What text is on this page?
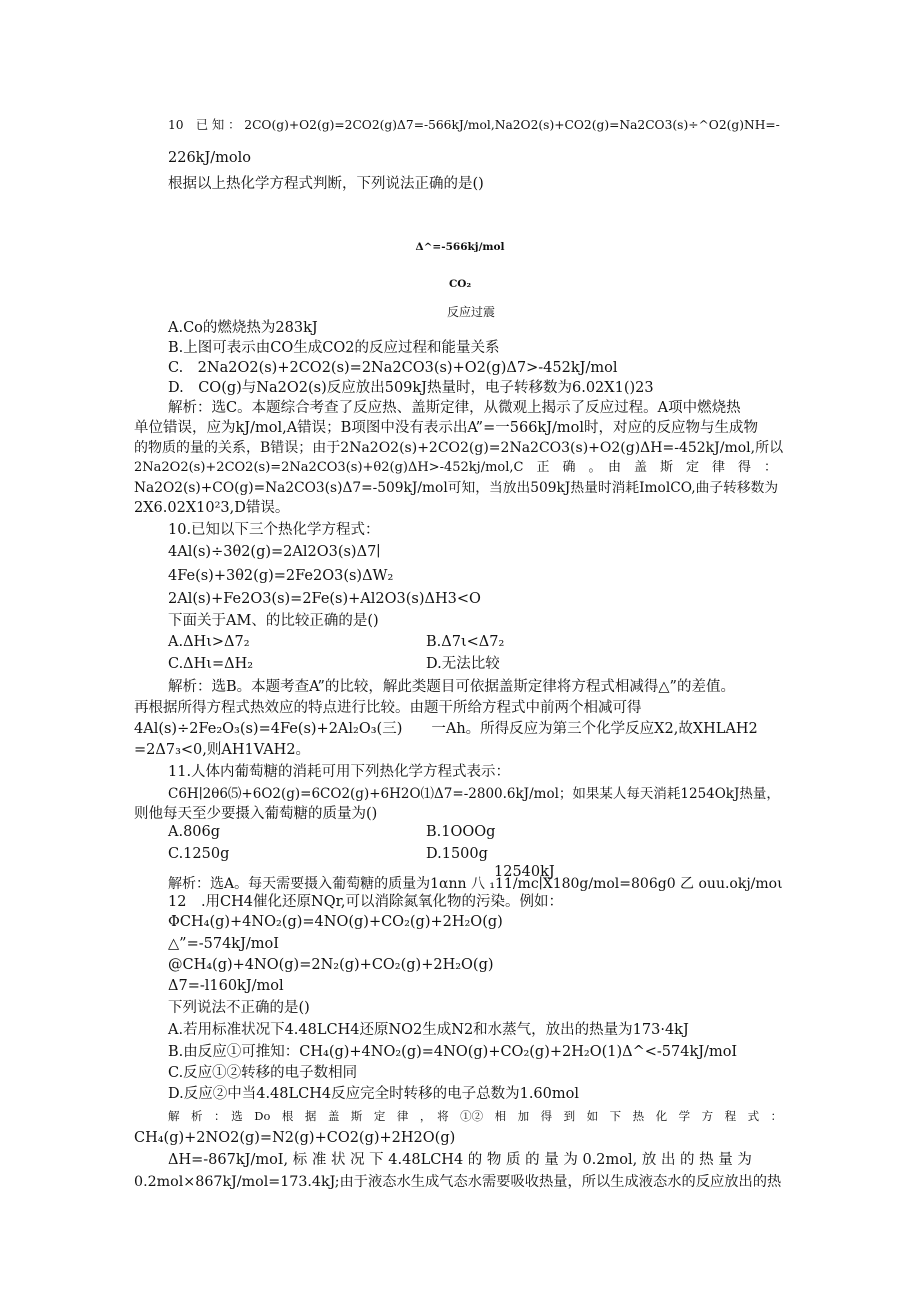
10　已 知 ： 2CO(g)+O2(g)=2CO2(g)Δ7=-566kJ/mol,Na2O2(s)+CO2(g)=Na2CO3(s)÷^O2(g)NH=-
226kJ/molo
根据以上热化学方程式判断，下列说法正确的是()
Δ^=-566kj/mol
CO₂
反应过震
A.Co的燃烧热为283kJ
B.上图可表示由CO生成CO2的反应过程和能量关系
C.　2Na2O2(s)+2CO2(s)=2Na2CO3(s)+O2(g)Δ7>-452kJ/mol
D.　CO(g)与Na2O2(s)反应放出509kJ热量时，电子转移数为6.02X1()23
解析：选C。本题综合考查了反应热、盖斯定律，从微观上揭示了反应过程。A项中燃烧热
单位错误，应为kJ/mol,A错误；B项图中没有表示出A”=一566kJ/mol时，对应的反应物与生成物
的物质的量的关系，B错误；由于2Na2O2(s)+2CO2(g)=2Na2CO3(s)+O2(g)ΔH=-452kJ/mol,所以
2Na2O2(s)+2CO2(s)=2Na2CO3(s)+θ2(g)ΔH>-452kj/mol,C　正　确　。　由　盖　斯　定　律　得　：
Na2O2(s)+CO(g)=Na2CO3(s)Δ7=-509kJ/mol可知，当放出509kJ热量时消耗ImolCO,曲子转移数为
2X6.02X10²3,D错误。
10.已知以下三个热化学方程式：
4Al(s)÷3θ2(g)=2Al2O3(s)Δ7∣
4Fe(s)+3θ2(g)=2Fe2O3(s)ΔW₂
2Al(s)+Fe2O3(s)=2Fe(s)+Al2O3(s)ΔH3<O
下面关于AM、的比较正确的是()
A.ΔHι>Δ7₂	B.Δ7ι<Δ7₂
C.ΔHι=ΔH₂	D.无法比较
解析：选B。本题考查A”的比较，解此类题目可依据盖斯定律将方程式相减得△”的差值。
再根据所得方程式热效应的特点进行比较。由题干所给方程式中前两个相减可得
4Al(s)÷2Fe₂O₃(s)=4Fe(s)+2Al₂O₃(三)　　一Ah。所得反应为第三个化学反应X2,故XHLAH2
=2Δ7₃<0,则AH1VAH2。
11.人体内葡萄糖的消耗可用下列热化学方程式表示：
C6H∣2θ6⑸+6O2(g)=6CO2(g)+6H2O⑴Δ7=-2800.6kJ/mol；如果某人每天消耗1254OkJ热量，
则他每天至少要摄入葡萄糖的质量为()
A.806g	B.1OOOg
C.1250g	D.1500g
12540kJ
解析：选A。每天需要摄入葡萄糖的质量为1αnn 八 ₁11/mc∣X180g/mol=806g0 乙 ouu.οkj/moι
12　.用CH4催化还原NQr,可以消除氮氧化物的污染。例如：
ΦCH₄(g)+4NO₂(g)=4NO(g)+CO₂(g)+2H₂O(g)
△”=-574kJ/moI
@CH₄(g)+4NO(g)=2N₂(g)+CO₂(g)+2H₂O(g)
Δ7=-l160kJ/mol
下列说法不正确的是()
A.若用标准状况下4.48LCH4还原NO2生成N2和水蒸气，放出的热量为173·4kJ
B.由反应①可推知：CH₄(g)+4NO₂(g)=4NO(g)+CO₂(g)+2H₂O(1)Δ^<-574kJ/moI
C.反应①②转移的电子数相同
D.反应②中当4.48LCH4反应完全时转移的电子总数为1.60mol
解　析　：　选　Do　根　据　盖　斯　定　律　，　将　①②　相　加　得　到　如　下　热　化　学　方　程　式　：
CH₄(g)+2NO2(g)=N2(g)+CO2(g)+2H2O(g)
ΔH=-867kJ/moI, 标 准 状 况 下 4.48LCH4 的 物 质 的 量 为 0.2mol, 放 出 的 热 量 为
0.2mol×867kJ/mol=173.4kJ;由于液态水生成气态水需要吸收热量，所以生成液态水的反应放出的热
